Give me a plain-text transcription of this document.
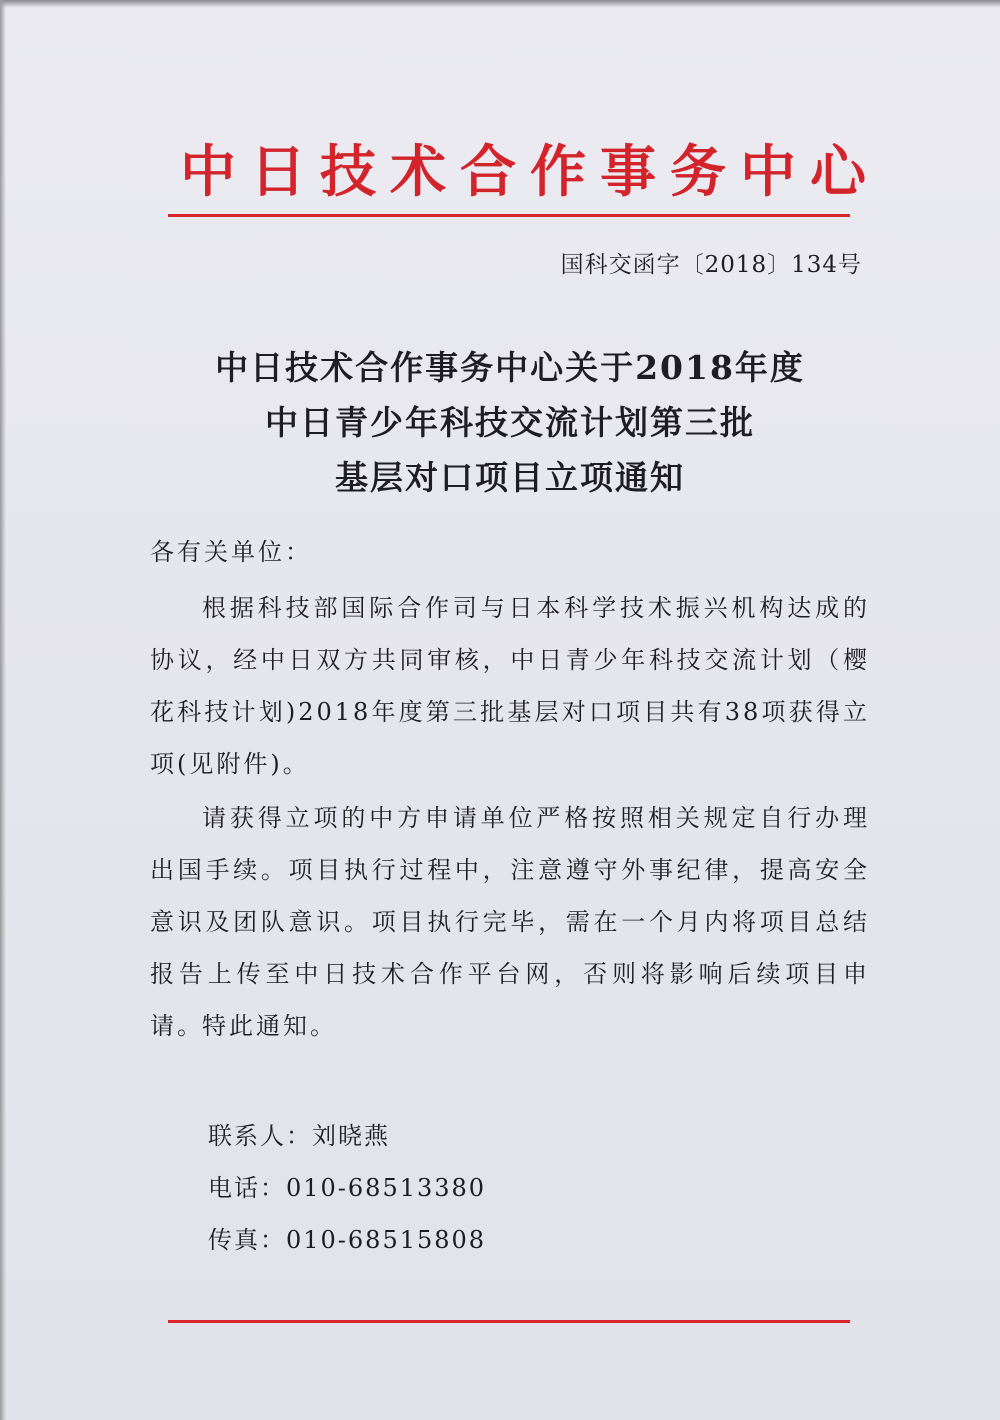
中日技术合作事务中心
国科交函字〔2018〕134号
中日技术合作事务中心关于2018年度
中日青少年科技交流计划第三批
基层对口项目立项通知

各有关单位：

根据科技部国际合作司与日本科学技术振兴机构达成的协议，经中日双方共同审核，中日青少年科技交流计划（樱花科技计划)2018年度第三批基层对口项目共有38项获得立项(见附件)。

请获得立项的中方申请单位严格按照相关规定自行办理出国手续。项目执行过程中，注意遵守外事纪律，提高安全意识及团队意识。项目执行完毕，需在一个月内将项目总结报告上传至中日技术合作平台网，否则将影响后续项目申请。

特此通知。

联系人：刘晓燕
电话：010-68513380
传真：010-68515808
